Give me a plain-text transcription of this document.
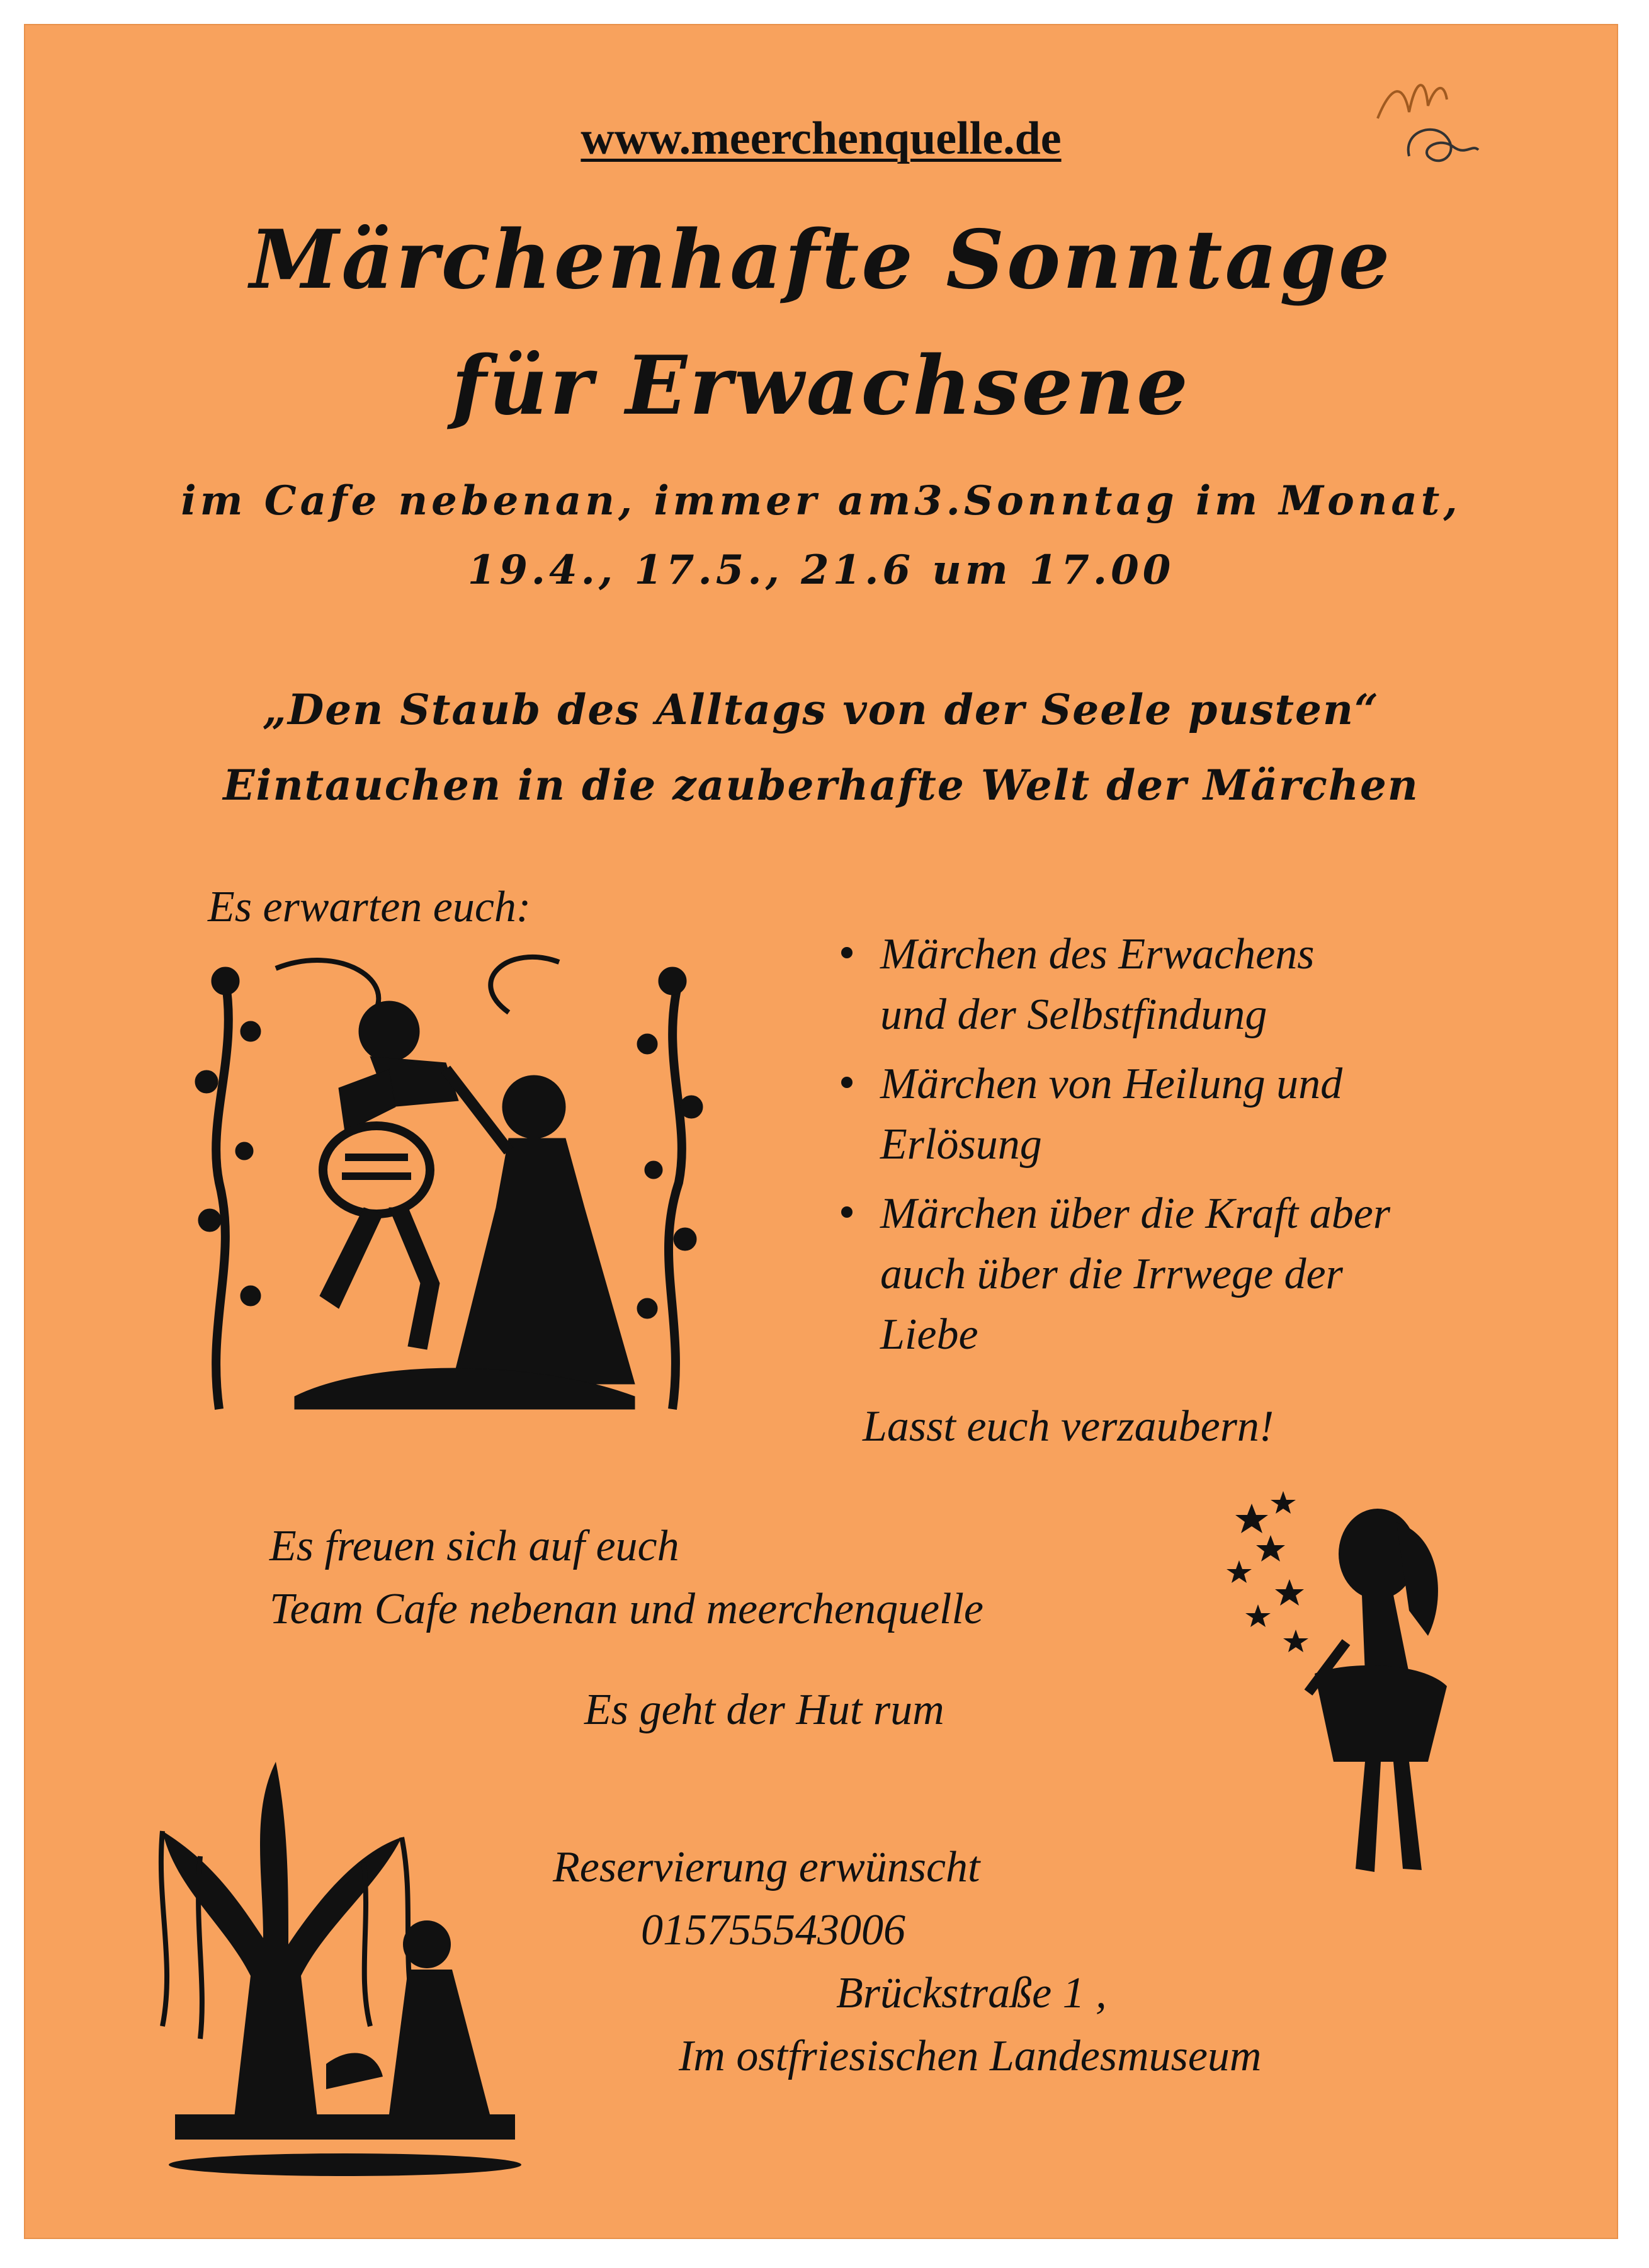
www.meerchenquelle.de
Märchenhafte Sonntage
für Erwachsene
im Cafe nebenan, immer am3.Sonntag im Monat,
19.4., 17.5., 21.6 um 17.00
„Den Staub des Alltags von der Seele pusten“
Eintauchen in die zauberhafte Welt der Märchen
Es erwarten euch:
Märchen des Erwachens
und der Selbstfindung
Märchen von Heilung und
Erlösung
Märchen über die Kraft aber
auch über die Irrwege der
Liebe
Lasst euch verzaubern!
Es freuen sich auf euch
Team Cafe nebenan und meerchenquelle
Es geht der Hut rum
Reservierung erwünscht
015755543006
Brückstraße 1 ,
Im ostfriesischen Landesmuseum
